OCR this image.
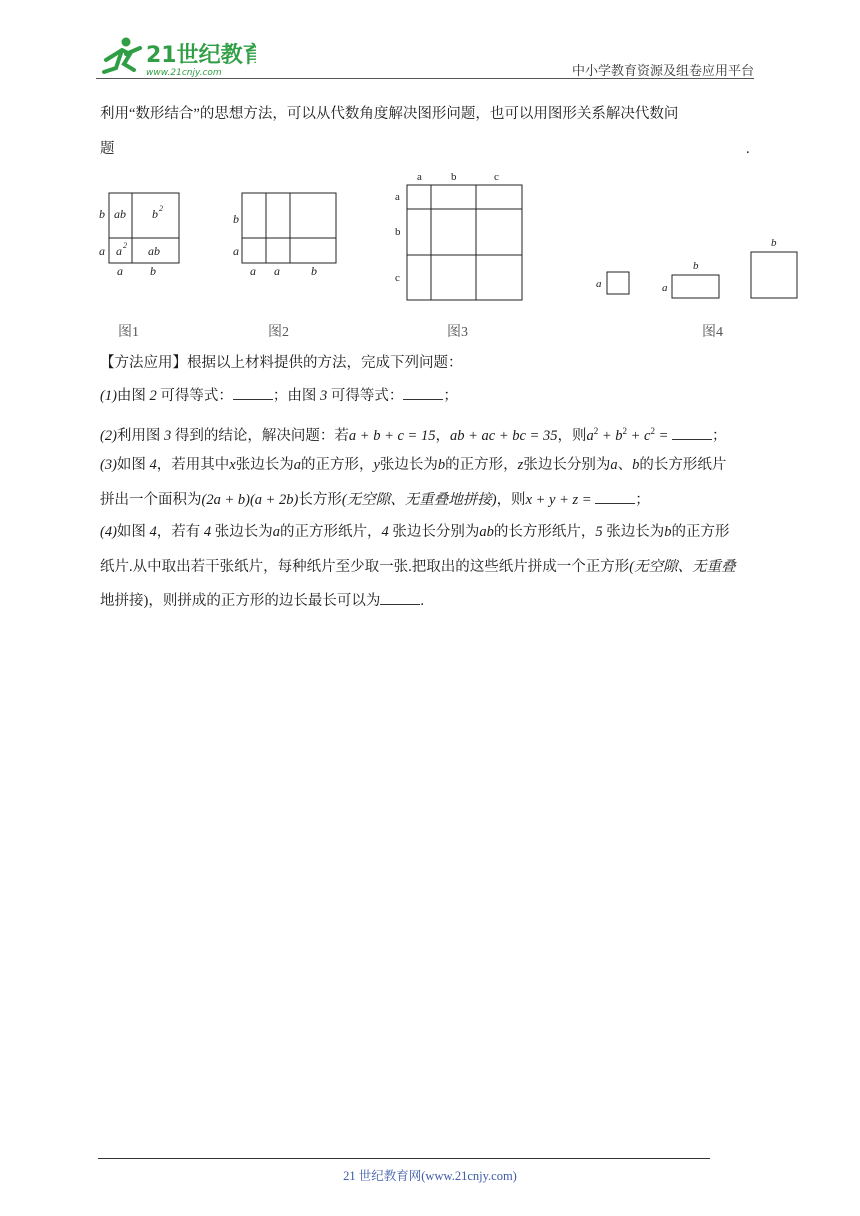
21世纪教育
www.21cnjy.com	中小学教育资源及组卷应用平台
利用“数形结合”的思想方法，可以从代数角度解决图形问题，也可以用图形关系解决代数问
题	.
b
a
ab b 2
a 2 ab
a b
图1
b
a
a a	b
图2
a	b	c
a
b
c
图3
a	a
b
b
图4
【方法应用】根据以上材料提供的方法，完成下列问题：
(1)由图 2 可得等式：	；由图 3 可得等式：	；
(2)利用图 3 得到的结论，解决问题：若a + b + c = 15，ab + ac + bc = 35，则$a^2 + b^2 + c^2$ =	；
(3)如图 4，若用其中x张边长为a的正方形，y张边长为b的正方形，z张边长分别为a、b的长方形纸片
拼出一个面积为(2a + b)(a + 2b)长方形(无空隙、无重叠地拼接)，则x + y + z =	；
(4)如图 4，若有 4 张边长为a的正方形纸片，4 张边长分别为ab的长方形纸片，5 张边长为b的正方形
纸片.从中取出若干张纸片，每种纸片至少取一张.把取出的这些纸片拼成一个正方形(无空隙、无重叠
地拼接)，则拼成的正方形的边长最长可以为	.
21 世纪教育网(www.21cnjy.com)
